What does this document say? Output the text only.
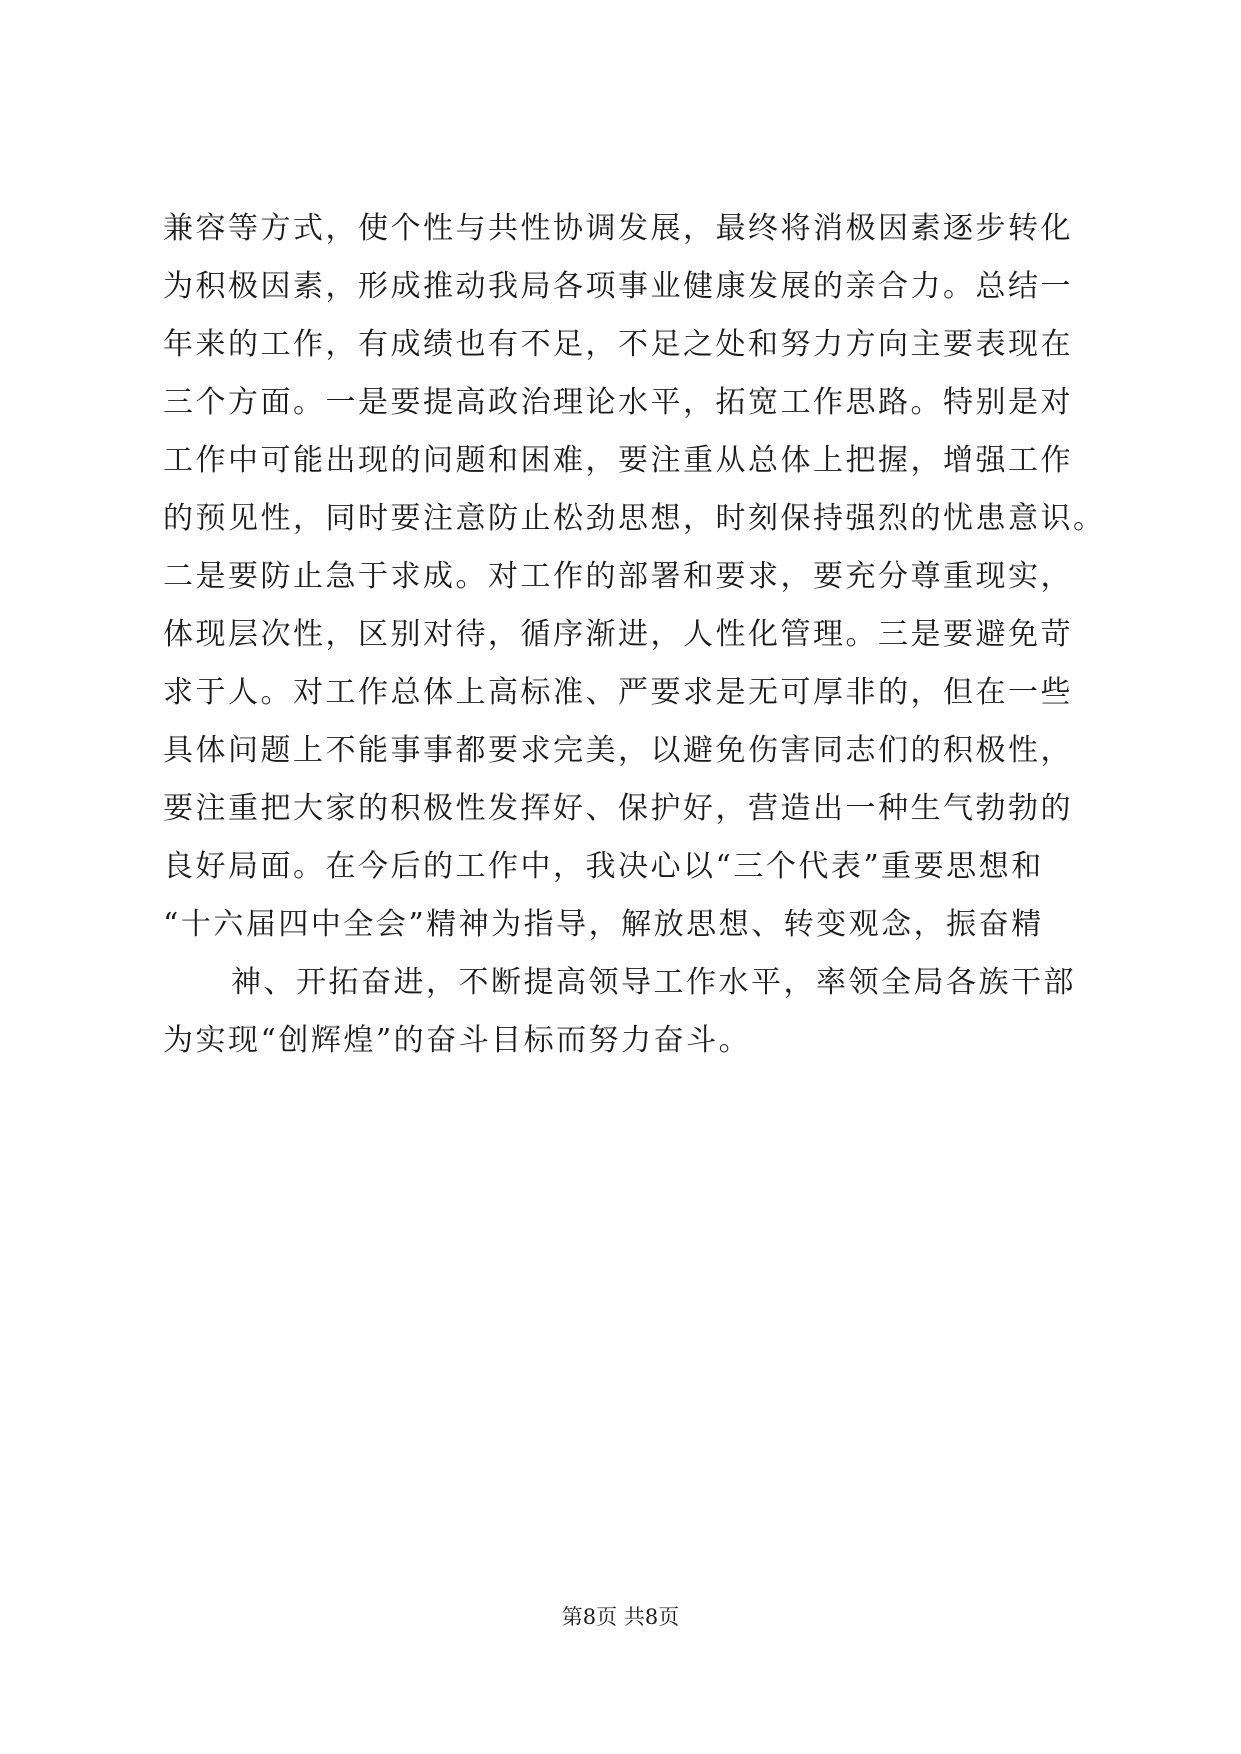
兼容等方式，使个性与共性协调发展，最终将消极因素逐步转化
为积极因素，形成推动我局各项事业健康发展的亲合力。总结一
年来的工作，有成绩也有不足，不足之处和努力方向主要表现在
三个方面。一是要提高政治理论水平，拓宽工作思路。特别是对
工作中可能出现的问题和困难，要注重从总体上把握，增强工作
的预见性，同时要注意防止松劲思想，时刻保持强烈的忧患意识。
二是要防止急于求成。对工作的部署和要求，要充分尊重现实，
体现层次性，区别对待，循序渐进，人性化管理。三是要避免苛
求于人。对工作总体上高标准、严要求是无可厚非的，但在一些
具体问题上不能事事都要求完美，以避免伤害同志们的积极性，
要注重把大家的积极性发挥好、保护好，营造出一种生气勃勃的
良好局面。在今后的工作中，我决心以“三个代表”重要思想和
“十六届四中全会”精神为指导，解放思想、转变观念，振奋精
神、开拓奋进，不断提高领导工作水平，率领全局各族干部
为实现“创辉煌”的奋斗目标而努力奋斗。
第8页 共8页
